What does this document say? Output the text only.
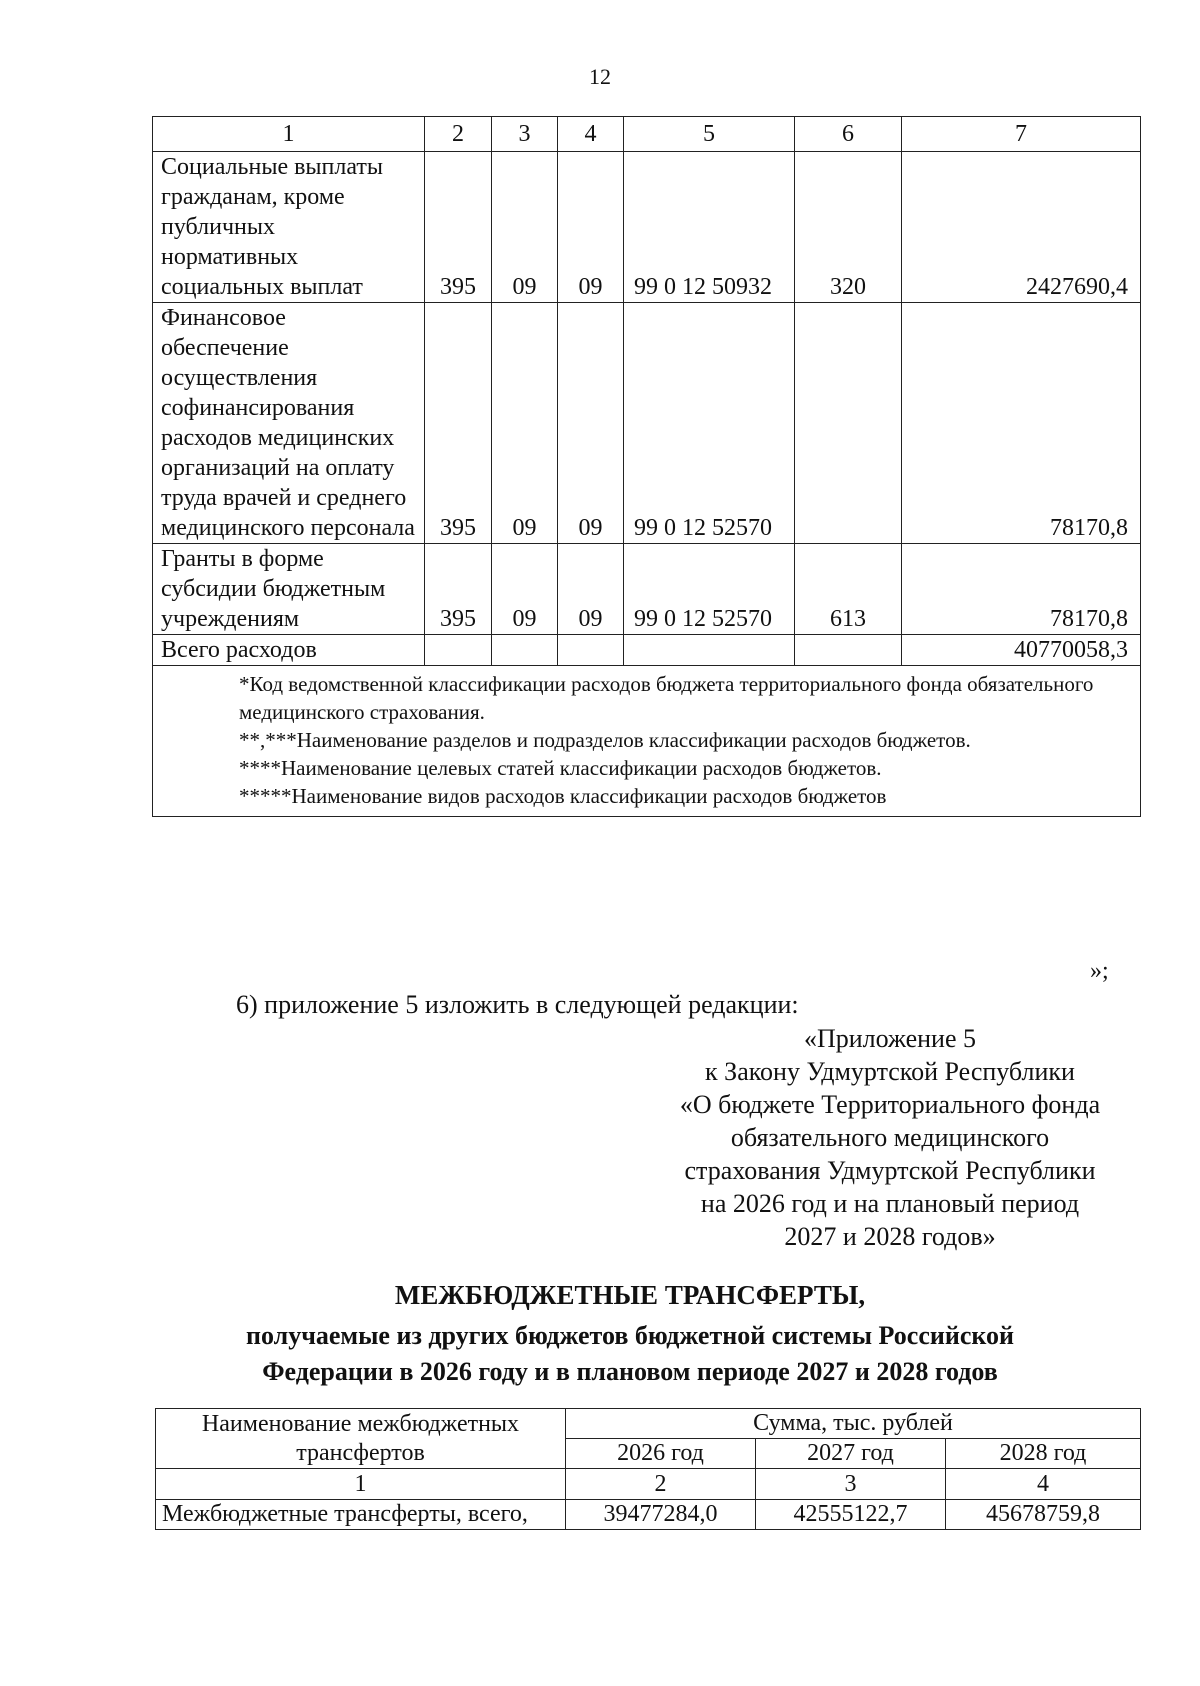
12
1	2	3	4	5	6	7
Социальные выплаты гражданам, кроме публичных нормативных социальных выплат	395	09	09	99 0 12 50932	320	2427690,4
Финансовое обеспечение осуществления софинансирования расходов медицинских организаций на оплату труда врачей и среднего медицинского персонала	395	09	09	99 0 12 52570		78170,8
Гранты в форме субсидии бюджетным учреждениям	395	09	09	99 0 12 52570	613	78170,8
Всего расходов						40770058,3

*Код ведомственной классификации расходов бюджета территориального фонда обязательного медицинского страхования.
**,***Наименование разделов и подразделов классификации расходов бюджетов.
****Наименование целевых статей классификации расходов бюджетов.
*****Наименование видов расходов классификации расходов бюджетов						
»;
6) приложение 5 изложить в следующей редакции:
«Приложение 5
к Закону Удмуртской Республики
«О бюджете Территориального фонда
обязательного медицинского
страхования Удмуртской Республики
на 2026 год и на плановый период
2027 и 2028 годов»
МЕЖБЮДЖЕТНЫЕ ТРАНСФЕРТЫ,
получаемые из других бюджетов бюджетной системы Российской Федерации в 2026 году и в плановом периоде 2027 и 2028 годов
Наименование межбюджетных трансфертов	Сумма, тыс. рублей		
	2026 год	2027 год	2028 год
1	2	3	4
Межбюджетные трансферты, всего,	39477284,0	42555122,7	45678759,8
